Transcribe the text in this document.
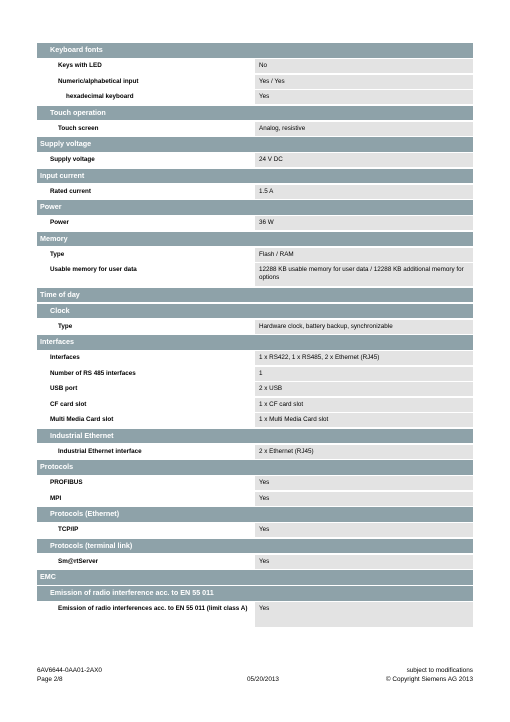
Keyboard fonts
Keys with LED	No
Numeric/alphabetical input	Yes / Yes
hexadecimal keyboard	Yes
Touch operation
Touch screen	Analog, resistive
Supply voltage
Supply voltage	24 V DC
Input current
Rated current	1.5 A
Power
Power	36 W
Memory
Type	Flash / RAM
Usable memory for user data	12288 KB usable memory for user data / 12288 KB additional memory for options
Time of day
Clock
Type	Hardware clock, battery backup, synchronizable
Interfaces
Interfaces	1 x RS422, 1 x RS485, 2 x Ethernet (RJ45)
Number of RS 485 interfaces	1
USB port	2 x USB
CF card slot	1 x CF card slot
Multi Media Card slot	1 x Multi Media Card slot
Industrial Ethernet
Industrial Ethernet interface	2 x Ethernet (RJ45)
Protocols
PROFIBUS	Yes
MPI	Yes
Protocols (Ethernet)
TCP/IP	Yes
Protocols (terminal link)
Sm@rtServer	Yes
EMC
Emission of radio interference acc. to EN 55 011
Emission of radio interferences acc. to EN 55 011 (limit class A)	Yes
6AV6644-0AA01-2AX0
Page 2/8	05/20/2013
subject to modifications
© Copyright Siemens AG 2013
